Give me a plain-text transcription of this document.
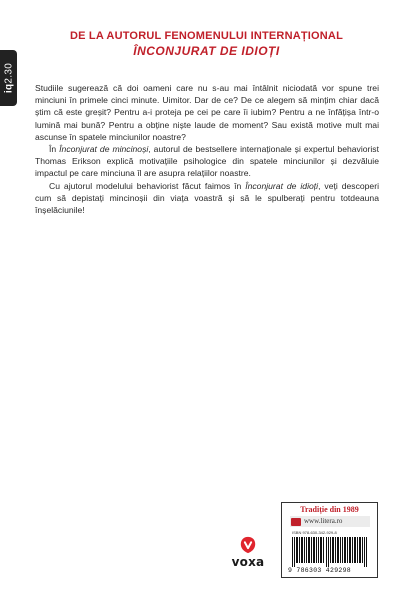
DE LA AUTORUL FENOMENULUI INTERNAȚIONAL
ÎNCONJURAT DE IDIOȚI
iq2.30

Studiile sugerează că doi oameni care nu s-au mai întâlnit niciodată vor spune trei minciuni în primele cinci minute. Uimitor. Dar de ce? De ce alegem să mințim chiar dacă știm că este greșit? Pentru a-i proteja pe cei pe care îi iubim? Pentru a ne înfățișa într-o lumină mai bună? Pentru a obține niște laude de moment? Sau există motive mult mai ascunse în spatele minciunilor noastre?

În Înconjurat de mincinoși, autorul de bestsellere internaționale și expertul behaviorist Thomas Erikson explică motivațiile psihologice din spatele minciunilor și dezvăluie impactul pe care minciuna îl are asupra relațiilor noastre.

Cu ajutorul modelului behaviorist făcut faimos în Înconjurat de idioți, veți descoperi cum să depistați mincinoșii din viața voastră și să le spulberați pentru totdeauna înșelăciunile!

voxa
Tradiție din 1989
www.litera.ro
ISBN 978-630-342-929-8
9 786303 429298
